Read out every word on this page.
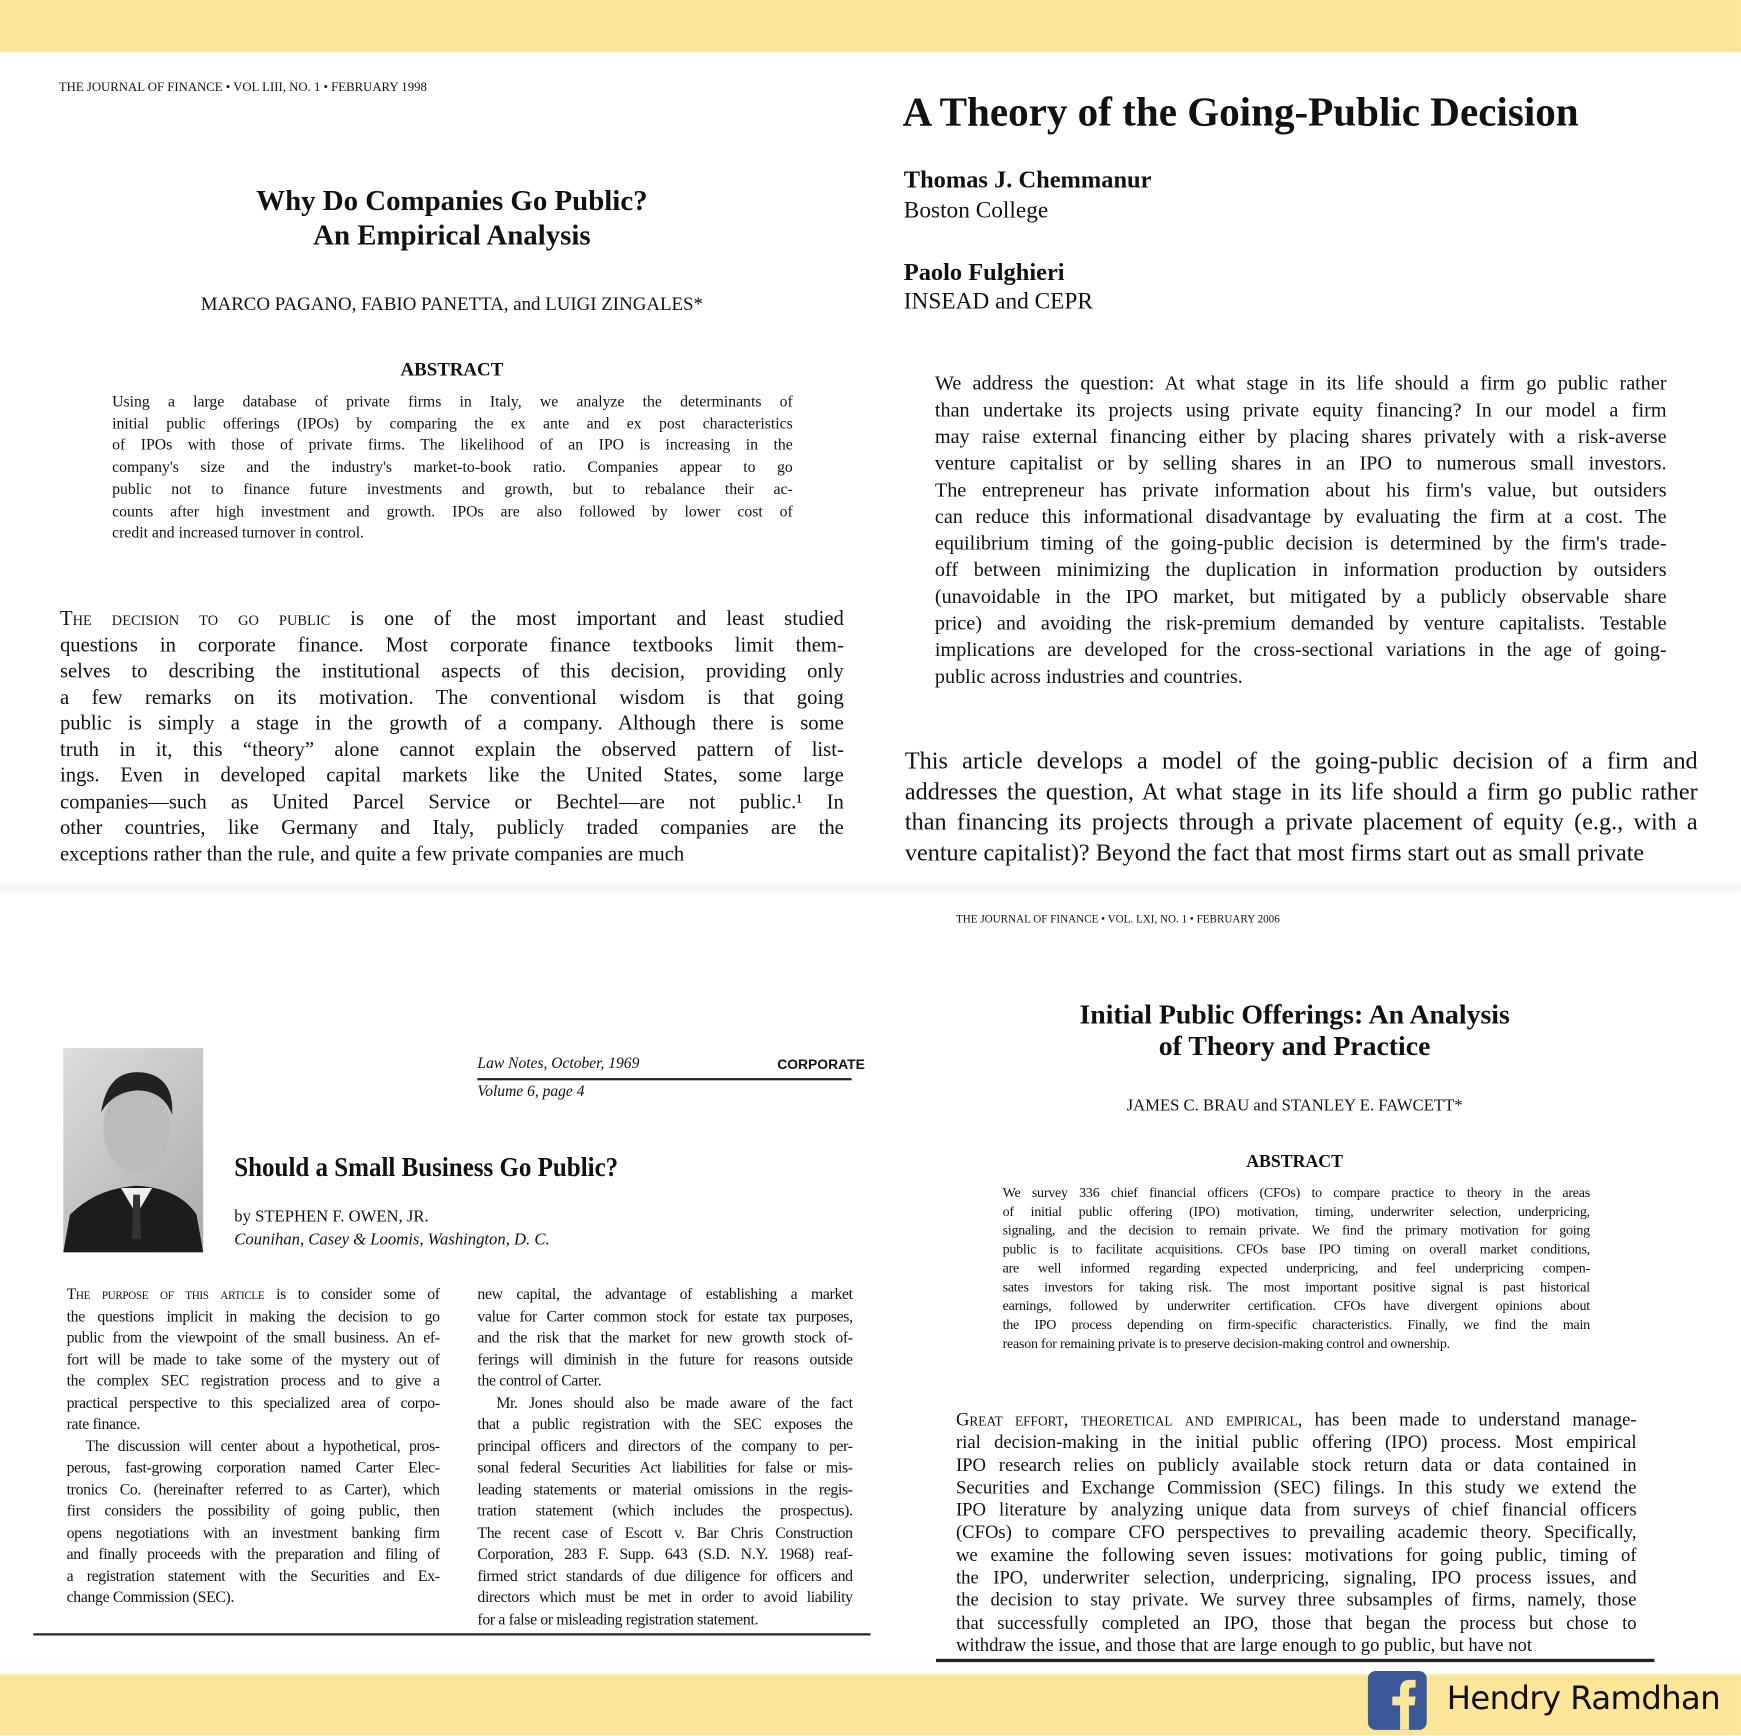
THE JOURNAL OF FINANCE • VOL LIII, NO. 1 • FEBRUARY 1998
Why Do Companies Go Public?
An Empirical Analysis
MARCO PAGANO, FABIO PANETTA, and LUIGI ZINGALES*
ABSTRACT
Using a large database of private firms in Italy, we analyze the determinants of
initial public offerings (IPOs) by comparing the ex ante and ex post characteristics
of IPOs with those of private firms. The likelihood of an IPO is increasing in the
company's size and the industry's market-to-book ratio. Companies appear to go
public not to finance future investments and growth, but to rebalance their ac-
counts after high investment and growth. IPOs are also followed by lower cost of
credit and increased turnover in control.
The decision to go public is one of the most important and least studied
questions in corporate finance. Most corporate finance textbooks limit them-
selves to describing the institutional aspects of this decision, providing only
a few remarks on its motivation. The conventional wisdom is that going
public is simply a stage in the growth of a company. Although there is some
truth in it, this “theory” alone cannot explain the observed pattern of list-
ings. Even in developed capital markets like the United States, some large
companies—such as United Parcel Service or Bechtel—are not public.¹ In
other countries, like Germany and Italy, publicly traded companies are the
exceptions rather than the rule, and quite a few private companies are much
A Theory of the Going-Public Decision
Thomas J. Chemmanur
Boston College
Paolo Fulghieri
INSEAD and CEPR
We address the question: At what stage in its life should a firm go public rather
than undertake its projects using private equity financing? In our model a firm
may raise external financing either by placing shares privately with a risk-averse
venture capitalist or by selling shares in an IPO to numerous small investors.
The entrepreneur has private information about his firm's value, but outsiders
can reduce this informational disadvantage by evaluating the firm at a cost. The
equilibrium timing of the going-public decision is determined by the firm's trade-
off between minimizing the duplication in information production by outsiders
(unavoidable in the IPO market, but mitigated by a publicly observable share
price) and avoiding the risk-premium demanded by venture capitalists. Testable
implications are developed for the cross-sectional variations in the age of going-
public across industries and countries.
This article develops a model of the going-public decision of a firm and
addresses the question, At what stage in its life should a firm go public rather
than financing its projects through a private placement of equity (e.g., with a
venture capitalist)? Beyond the fact that most firms start out as small private
Law Notes, October, 1969	CORPORATE
Volume 6, page 4
Should a Small Business Go Public?
by STEPHEN F. OWEN, JR.
Counihan, Casey & Loomis, Washington, D. C.
The purpose of this article is to consider some of
the questions implicit in making the decision to go
public from the viewpoint of the small business. An ef-
fort will be made to take some of the mystery out of
the complex SEC registration process and to give a
practical perspective to this specialized area of corpo-
rate finance.
The discussion will center about a hypothetical, pros-
perous, fast-growing corporation named Carter Elec-
tronics Co. (hereinafter referred to as Carter), which
first considers the possibility of going public, then
opens negotiations with an investment banking firm
and finally proceeds with the preparation and filing of
a registration statement with the Securities and Ex-
change Commission (SEC).
new capital, the advantage of establishing a market
value for Carter common stock for estate tax purposes,
and the risk that the market for new growth stock of-
ferings will diminish in the future for reasons outside
the control of Carter.
Mr. Jones should also be made aware of the fact
that a public registration with the SEC exposes the
principal officers and directors of the company to per-
sonal federal Securities Act liabilities for false or mis-
leading statements or material omissions in the regis-
tration statement (which includes the prospectus).
The recent case of Escott v. Bar Chris Construction
Corporation, 283 F. Supp. 643 (S.D. N.Y. 1968) reaf-
firmed strict standards of due diligence for officers and
directors which must be met in order to avoid liability
for a false or misleading registration statement.
THE JOURNAL OF FINANCE • VOL. LXI, NO. 1 • FEBRUARY 2006
Initial Public Offerings: An Analysis
of Theory and Practice
JAMES C. BRAU and STANLEY E. FAWCETT*
ABSTRACT
We survey 336 chief financial officers (CFOs) to compare practice to theory in the areas
of initial public offering (IPO) motivation, timing, underwriter selection, underpricing,
signaling, and the decision to remain private. We find the primary motivation for going
public is to facilitate acquisitions. CFOs base IPO timing on overall market conditions,
are well informed regarding expected underpricing, and feel underpricing compen-
sates investors for taking risk. The most important positive signal is past historical
earnings, followed by underwriter certification. CFOs have divergent opinions about
the IPO process depending on firm-specific characteristics. Finally, we find the main
reason for remaining private is to preserve decision-making control and ownership.
Great effort, theoretical and empirical, has been made to understand manage-
rial decision-making in the initial public offering (IPO) process. Most empirical
IPO research relies on publicly available stock return data or data contained in
Securities and Exchange Commission (SEC) filings. In this study we extend the
IPO literature by analyzing unique data from surveys of chief financial officers
(CFOs) to compare CFO perspectives to prevailing academic theory. Specifically,
we examine the following seven issues: motivations for going public, timing of
the IPO, underwriter selection, underpricing, signaling, IPO process issues, and
the decision to stay private. We survey three subsamples of firms, namely, those
that successfully completed an IPO, those that began the process but chose to
withdraw the issue, and those that are large enough to go public, but have not
Hendry Ramdhan
